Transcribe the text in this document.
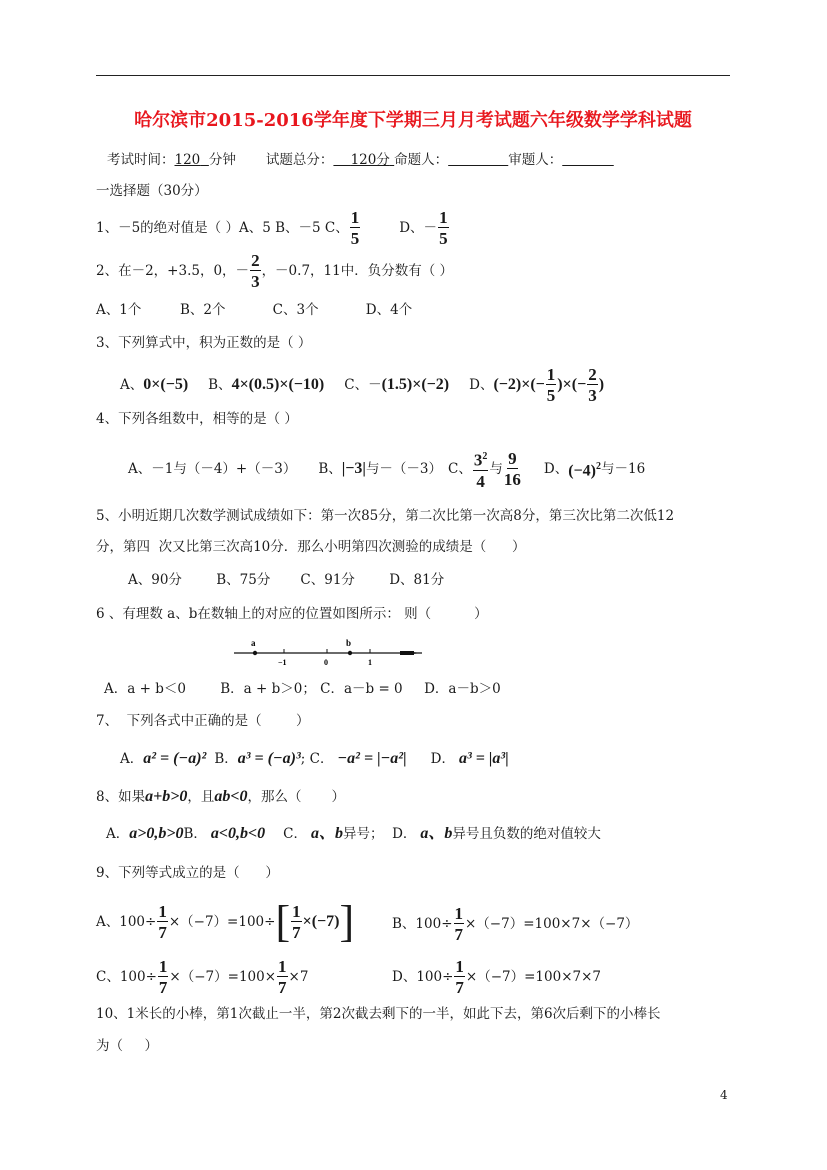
哈尔滨市2015-2016学年度下学期三月月考试题六年级数学学科试题
考试时间：120 分钟 试题总分： 120分 命题人：	审题人：
一选择题（30分）
1、－5的绝对值是（ ）A、5 B、－5 C、
1
5
D、－
1
5
2、在－2，+3.5，0，－
2
3
，－0.7，11中．负分数有（ ）
A、1个         B、2个           C、3个           D、4个
3、下列算式中，积为正数的是（ ）
A、 0×(−5) B、 4×(0.5)×(−10) C、－ (1.5)×(−2) D、 $(-2)\times(- \frac{1}{5}$ )×(− $\frac{2}{3}$ )
4、下列各组数中，相等的是（ ）
A、－1与（－4）+（－3） B、 |−3| 与－（－3） C、 $3^2$
4
与
9
16
D、 $(-4)^2$ 与－16
5、小明近期几次数学测试成绩如下：第一次85分，第二次比第一次高8分，第三次比第二次低12
分，第四  次又比第三次高10分．那么小明第四次测验的成绩是（      ）
A、90分        B、75分       C、91分        D、81分
6 、有理数 a、b在数轴上的对应的位置如图所示： 则（          ）
a	b
−1	0	1
A．a + b＜0        B．a + b＞0； C．a－b = 0     D．a－b＞0
7、  下列各式中正确的是（        ）
A． a² = (−a)² B． a³ = (−a)³ ; C． −a² = |−a²| D． a³ = |a³|
8、如果 a+b>0 ，且 ab<0 ，那么（       ）
A． a>0,b>0 B． a<0,b<0 C． a、b 异号；  D． a、b 异号且负数的绝对值较大
9、下列等式成立的是（      ）
A、$100\div \frac{1}{7} \times(-7)=100\div$ [ $\frac{1}{7} \times(-7)$ ]	B、$100\div \frac{1}{7} \times(-7)=100\times 7\times(-7)$
C、$100\div \frac{1}{7} \times(-7)=100\times \frac{1}{7} \times 7$	D、$100\div \frac{1}{7} \times(-7)=100\times 7\times 7$
10、1米长的小棒，第1次截止一半，第2次截去剩下的一半，如此下去，第6次后剩下的小棒长
为（     ）
4
